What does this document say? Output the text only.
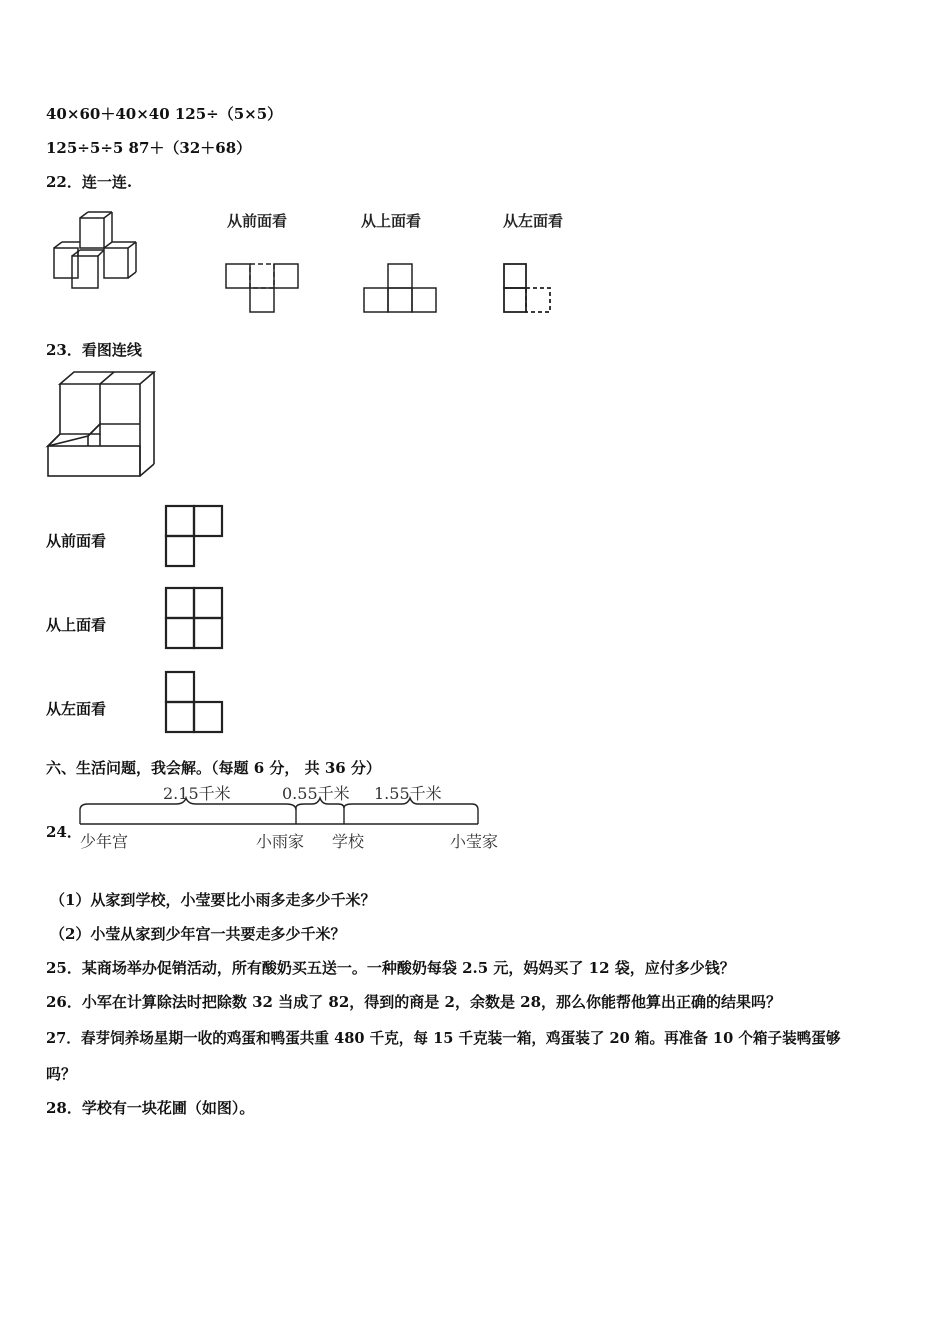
40×60＋40×40 125÷（5×5）
125÷5÷5 87＋（32＋68）
22．连一连.
从前面看	从上面看	从左面看
23．看图连线
从前面看
从上面看
从左面看
六、生活问题，我会解。（每题 6 分， 共 36 分）
24．
2.15千米	0.55千米 1.55千米
少年宫	小雨家 学校	小莹家
（1）从家到学校，小莹要比小雨多走多少千米？
（2）小莹从家到少年宫一共要走多少千米？
25．某商场举办促销活动，所有酸奶买五送一。一种酸奶每袋 2.5 元，妈妈买了 12 袋，应付多少钱？
26．小军在计算除法时把除数 32 当成了 82，得到的商是 2，余数是 28，那么你能帮他算出正确的结果吗？
27．春芽饲养场星期一收的鸡蛋和鸭蛋共重 480 千克，每 15 千克装一箱，鸡蛋装了 20 箱。再准备 10 个箱子装鸭蛋够
吗？
28．学校有一块花圃（如图）。
